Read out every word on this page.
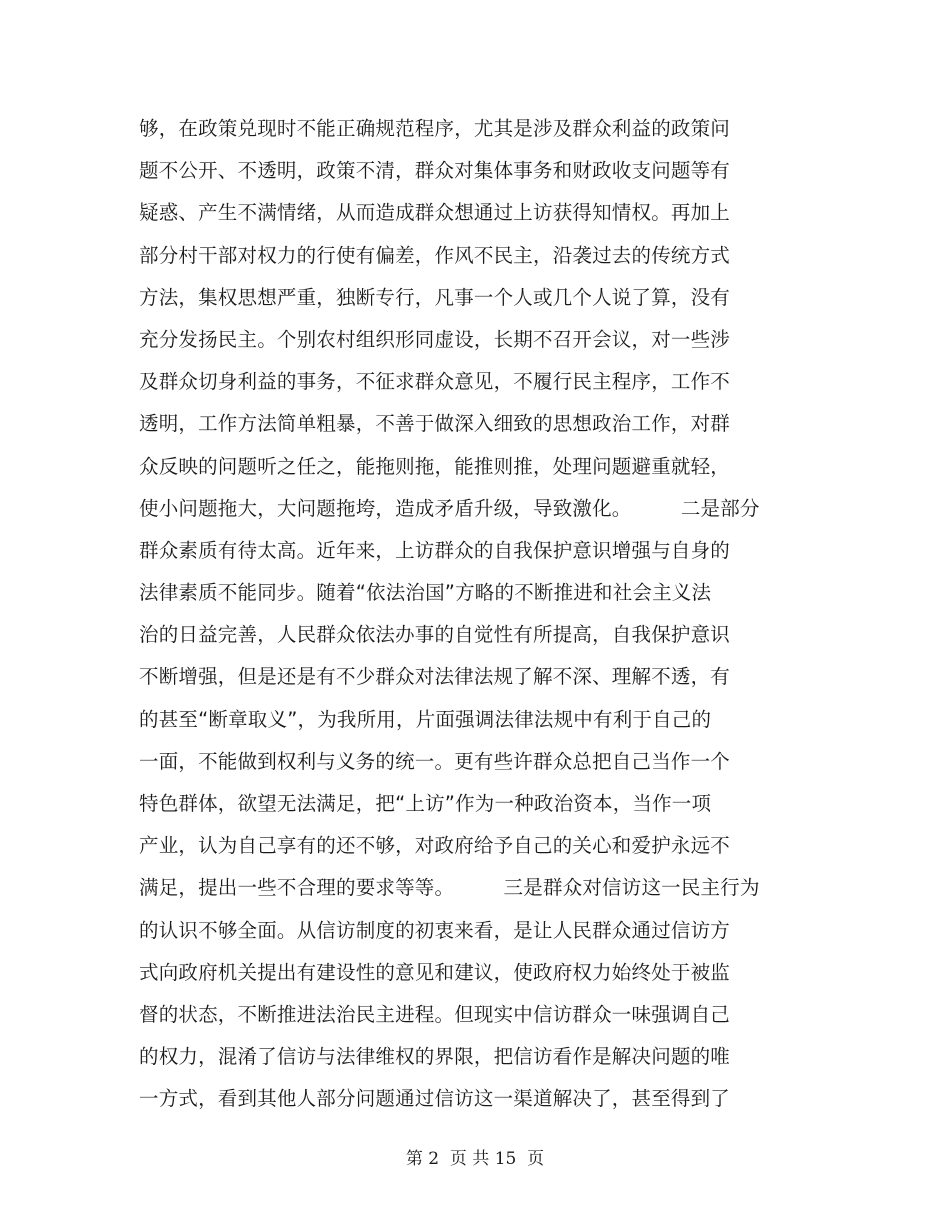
够，在政策兑现时不能正确规范程序，尤其是涉及群众利益的政策问
题不公开、不透明，政策不清，群众对集体事务和财政收支问题等有
疑惑、产生不满情绪，从而造成群众想通过上访获得知情权。再加上
部分村干部对权力的行使有偏差，作风不民主，沿袭过去的传统方式
方法，集权思想严重，独断专行，凡事一个人或几个人说了算，没有
充分发扬民主。个别农村组织形同虚设，长期不召开会议，对一些涉
及群众切身利益的事务，不征求群众意见，不履行民主程序，工作不
透明，工作方法简单粗暴，不善于做深入细致的思想政治工作，对群
众反映的问题听之任之，能拖则拖，能推则推，处理问题避重就轻，
使小问题拖大，大问题拖垮，造成矛盾升级，导致激化。　　　二是部分
群众素质有待太高。近年来，上访群众的自我保护意识增强与自身的
法律素质不能同步。随着“依法治国”方略的不断推进和社会主义法
治的日益完善，人民群众依法办事的自觉性有所提高，自我保护意识
不断增强，但是还是有不少群众对法律法规了解不深、理解不透，有
的甚至“断章取义”，为我所用，片面强调法律法规中有利于自己的
一面，不能做到权利与义务的统一。更有些许群众总把自己当作一个
特色群体，欲望无法满足，把“上访”作为一种政治资本，当作一项
产业，认为自己享有的还不够，对政府给予自己的关心和爱护永远不
满足，提出一些不合理的要求等等。　　　三是群众对信访这一民主行为
的认识不够全面。从信访制度的初衷来看，是让人民群众通过信访方
式向政府机关提出有建设性的意见和建议，使政府权力始终处于被监
督的状态，不断推进法治民主进程。但现实中信访群众一味强调自己
的权力，混淆了信访与法律维权的界限，把信访看作是解决问题的唯
一方式，看到其他人部分问题通过信访这一渠道解决了，甚至得到了
第 2  页 共 15  页
